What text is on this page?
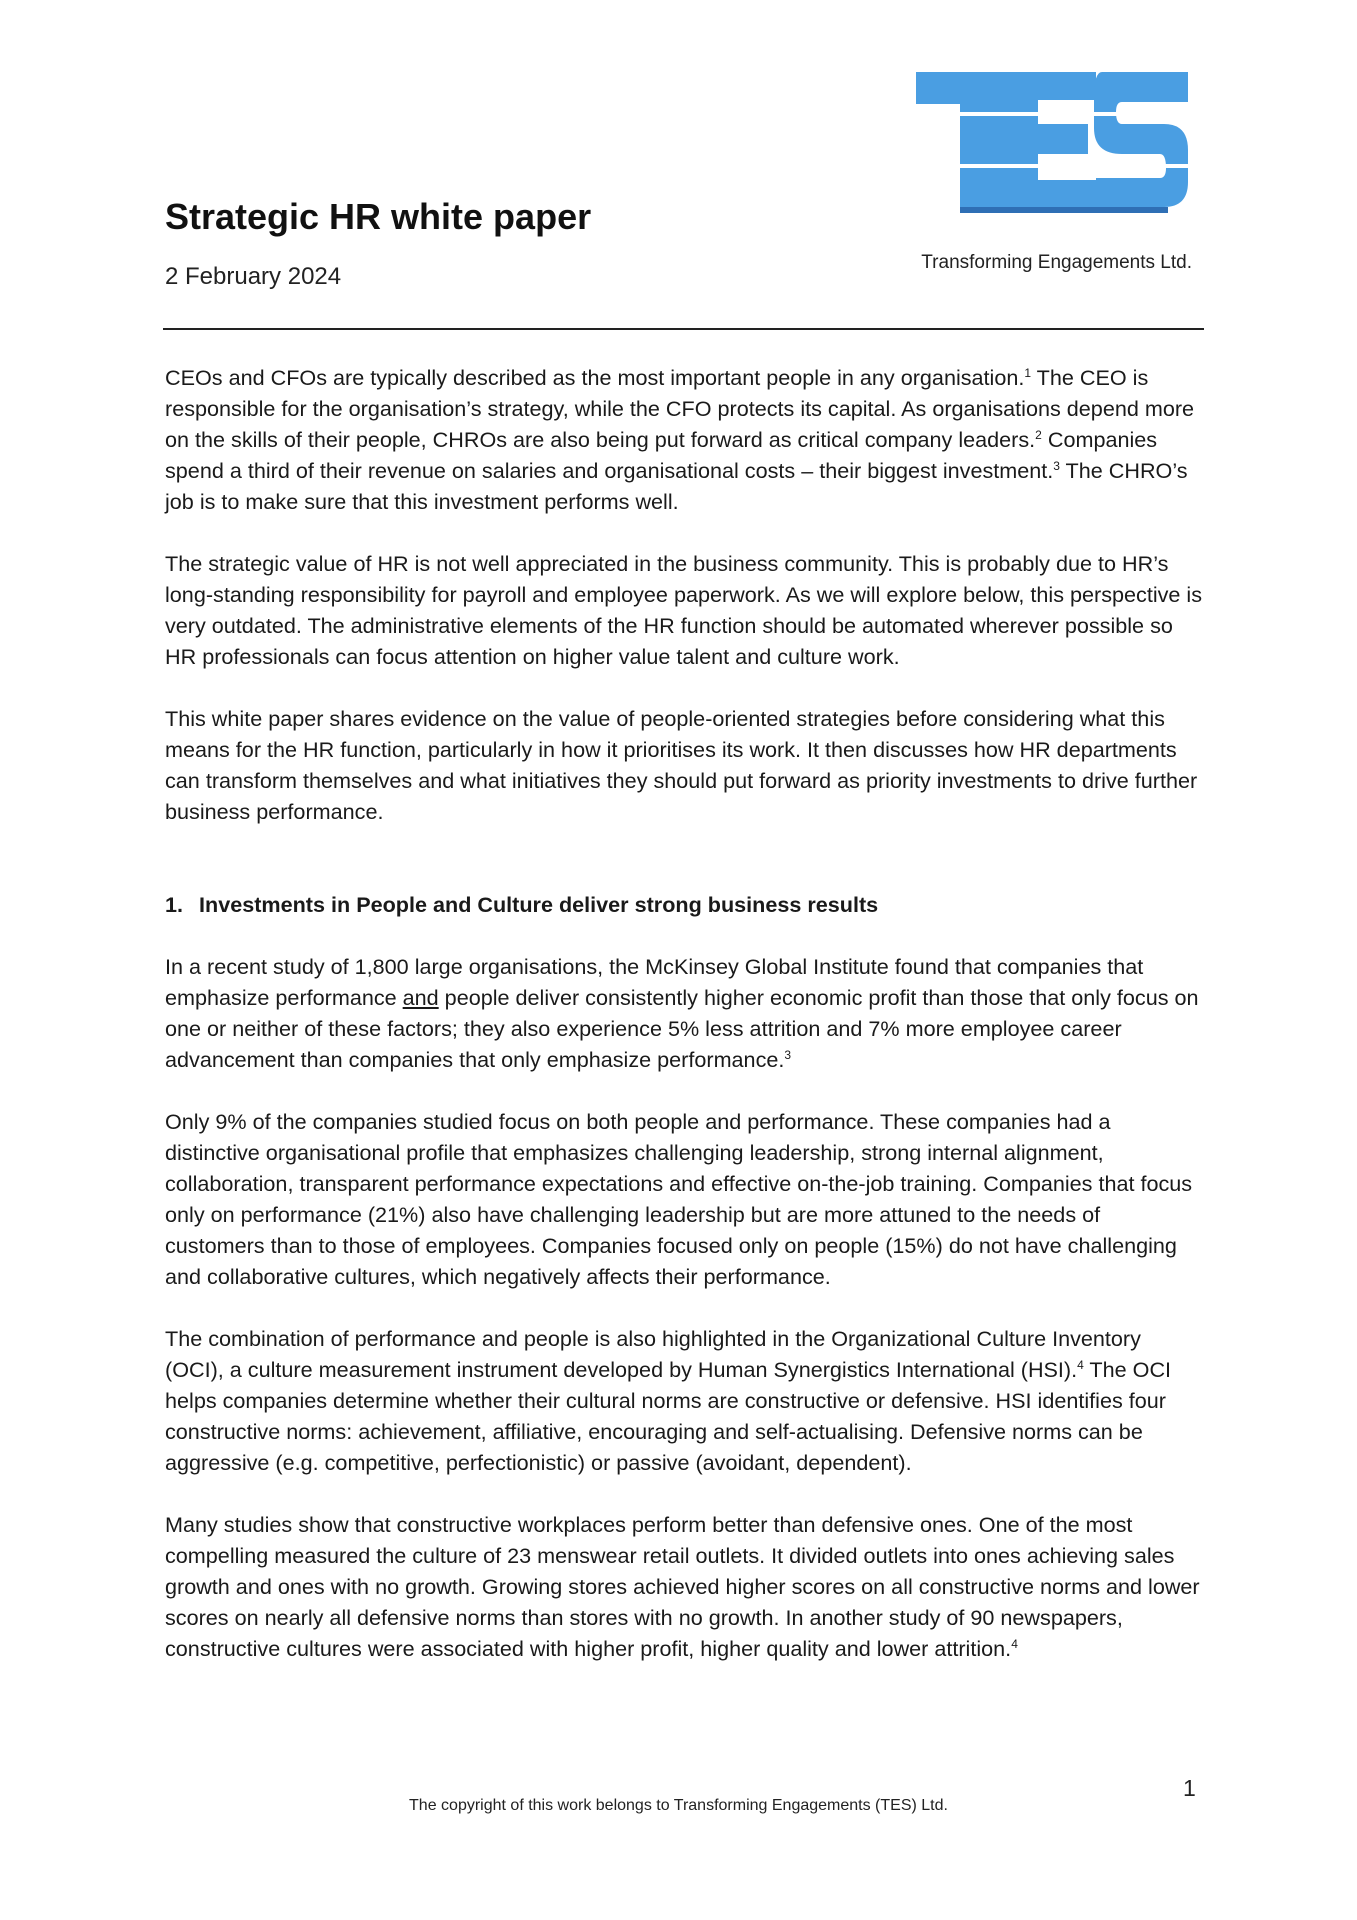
Transforming Engagements Ltd.
Strategic HR white paper
2 February 2024

CEOs and CFOs are typically described as the most important people in any organisation.$^1$ The CEO is responsible for the organisation’s strategy, while the CFO protects its capital. As organisations depend more on the skills of their people, CHROs are also being put forward as critical company leaders.$^2$ Companies spend a third of their revenue on salaries and organisational costs – their biggest investment.$^3$ The CHRO’s job is to make sure that this investment performs well.

The strategic value of HR is not well appreciated in the business community. This is probably due to HR’s long-standing responsibility for payroll and employee paperwork. As we will explore below, this perspective is very outdated. The administrative elements of the HR function should be automated wherever possible so HR professionals can focus attention on higher value talent and culture work.

This white paper shares evidence on the value of people-oriented strategies before considering what this means for the HR function, particularly in how it prioritises its work. It then discusses how HR departments can transform themselves and what initiatives they should put forward as priority investments to drive further business performance.

1. Investments in People and Culture deliver strong business results

In a recent study of 1,800 large organisations, the McKinsey Global Institute found that companies that emphasize performance and people deliver consistently higher economic profit than those that only focus on one or neither of these factors; they also experience 5% less attrition and 7% more employee career advancement than companies that only emphasize performance.$^3$

Only 9% of the companies studied focus on both people and performance. These companies had a distinctive organisational profile that emphasizes challenging leadership, strong internal alignment, collaboration, transparent performance expectations and effective on-the-job training. Companies that focus only on performance (21%) also have challenging leadership but are more attuned to the needs of customers than to those of employees. Companies focused only on people (15%) do not have challenging and collaborative cultures, which negatively affects their performance.

The combination of performance and people is also highlighted in the Organizational Culture Inventory (OCI), a culture measurement instrument developed by Human Synergistics International (HSI).$^4$ The OCI helps companies determine whether their cultural norms are constructive or defensive. HSI identifies four constructive norms: achievement, affiliative, encouraging and self-actualising. Defensive norms can be aggressive (e.g. competitive, perfectionistic) or passive (avoidant, dependent).

Many studies show that constructive workplaces perform better than defensive ones. One of the most compelling measured the culture of 23 menswear retail outlets. It divided outlets into ones achieving sales growth and ones with no growth. Growing stores achieved higher scores on all constructive norms and lower scores on nearly all defensive norms than stores with no growth. In another study of 90 newspapers, constructive cultures were associated with higher profit, higher quality and lower attrition.$^4$

1
The copyright of this work belongs to Transforming Engagements (TES) Ltd.
